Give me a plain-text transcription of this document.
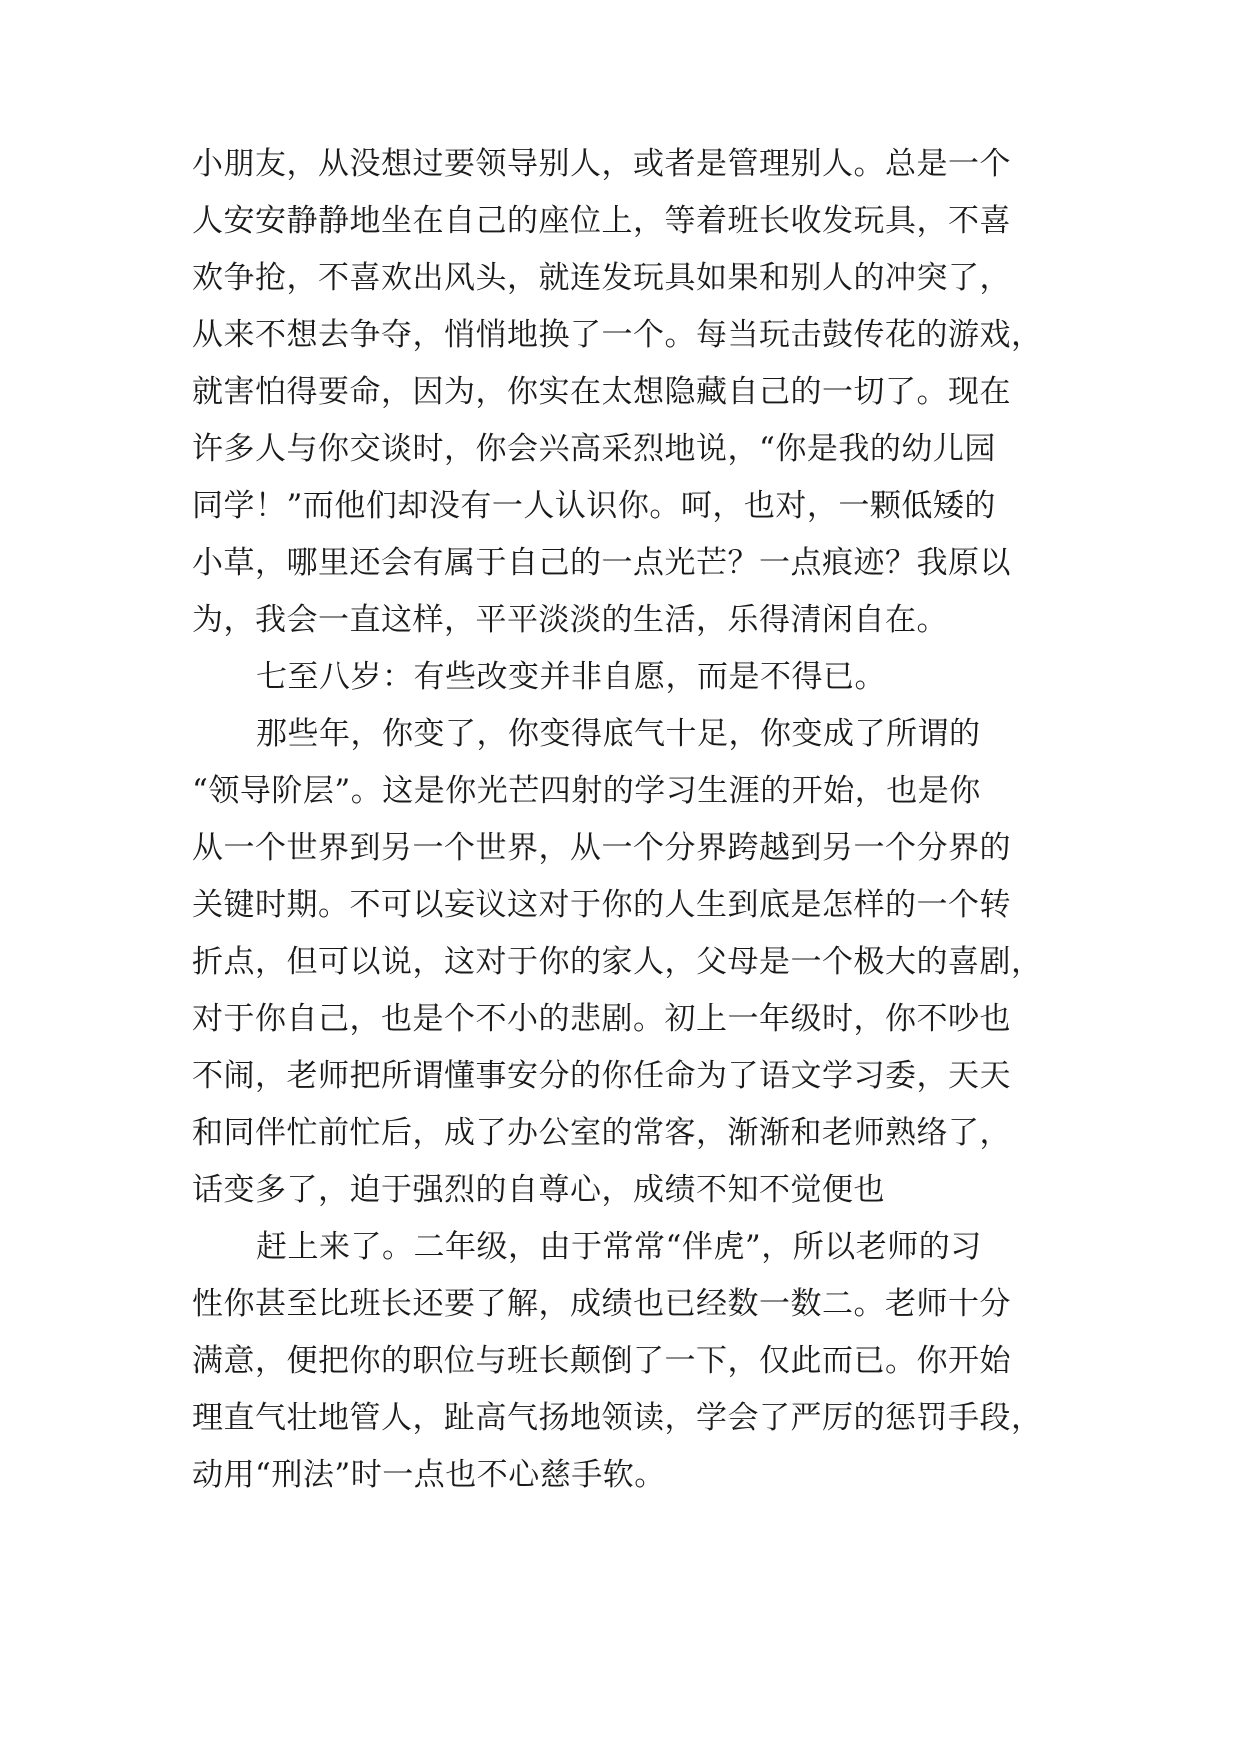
小朋友，从没想过要领导别人，或者是管理别人。总是一个
人安安静静地坐在自己的座位上，等着班长收发玩具，不喜
欢争抢，不喜欢出风头，就连发玩具如果和别人的冲突了，
从来不想去争夺，悄悄地换了一个。每当玩击鼓传花的游戏，
就害怕得要命，因为，你实在太想隐藏自己的一切了。现在
许多人与你交谈时，你会兴高采烈地说，“你是我的幼儿园
同学！”而他们却没有一人认识你。呵，也对，一颗低矮的
小草，哪里还会有属于自己的一点光芒？一点痕迹？我原以
为，我会一直这样，平平淡淡的生活，乐得清闲自在。
七至八岁：有些改变并非自愿，而是不得已。
那些年，你变了，你变得底气十足，你变成了所谓的
“领导阶层”。这是你光芒四射的学习生涯的开始，也是你
从一个世界到另一个世界，从一个分界跨越到另一个分界的
关键时期。不可以妄议这对于你的人生到底是怎样的一个转
折点，但可以说，这对于你的家人，父母是一个极大的喜剧，
对于你自己，也是个不小的悲剧。初上一年级时，你不吵也
不闹，老师把所谓懂事安分的你任命为了语文学习委，天天
和同伴忙前忙后，成了办公室的常客，渐渐和老师熟络了，
话变多了，迫于强烈的自尊心，成绩不知不觉便也
赶上来了。二年级，由于常常“伴虎”，所以老师的习
性你甚至比班长还要了解，成绩也已经数一数二。老师十分
满意，便把你的职位与班长颠倒了一下，仅此而已。你开始
理直气壮地管人，趾高气扬地领读，学会了严厉的惩罚手段，
动用“刑法”时一点也不心慈手软。
